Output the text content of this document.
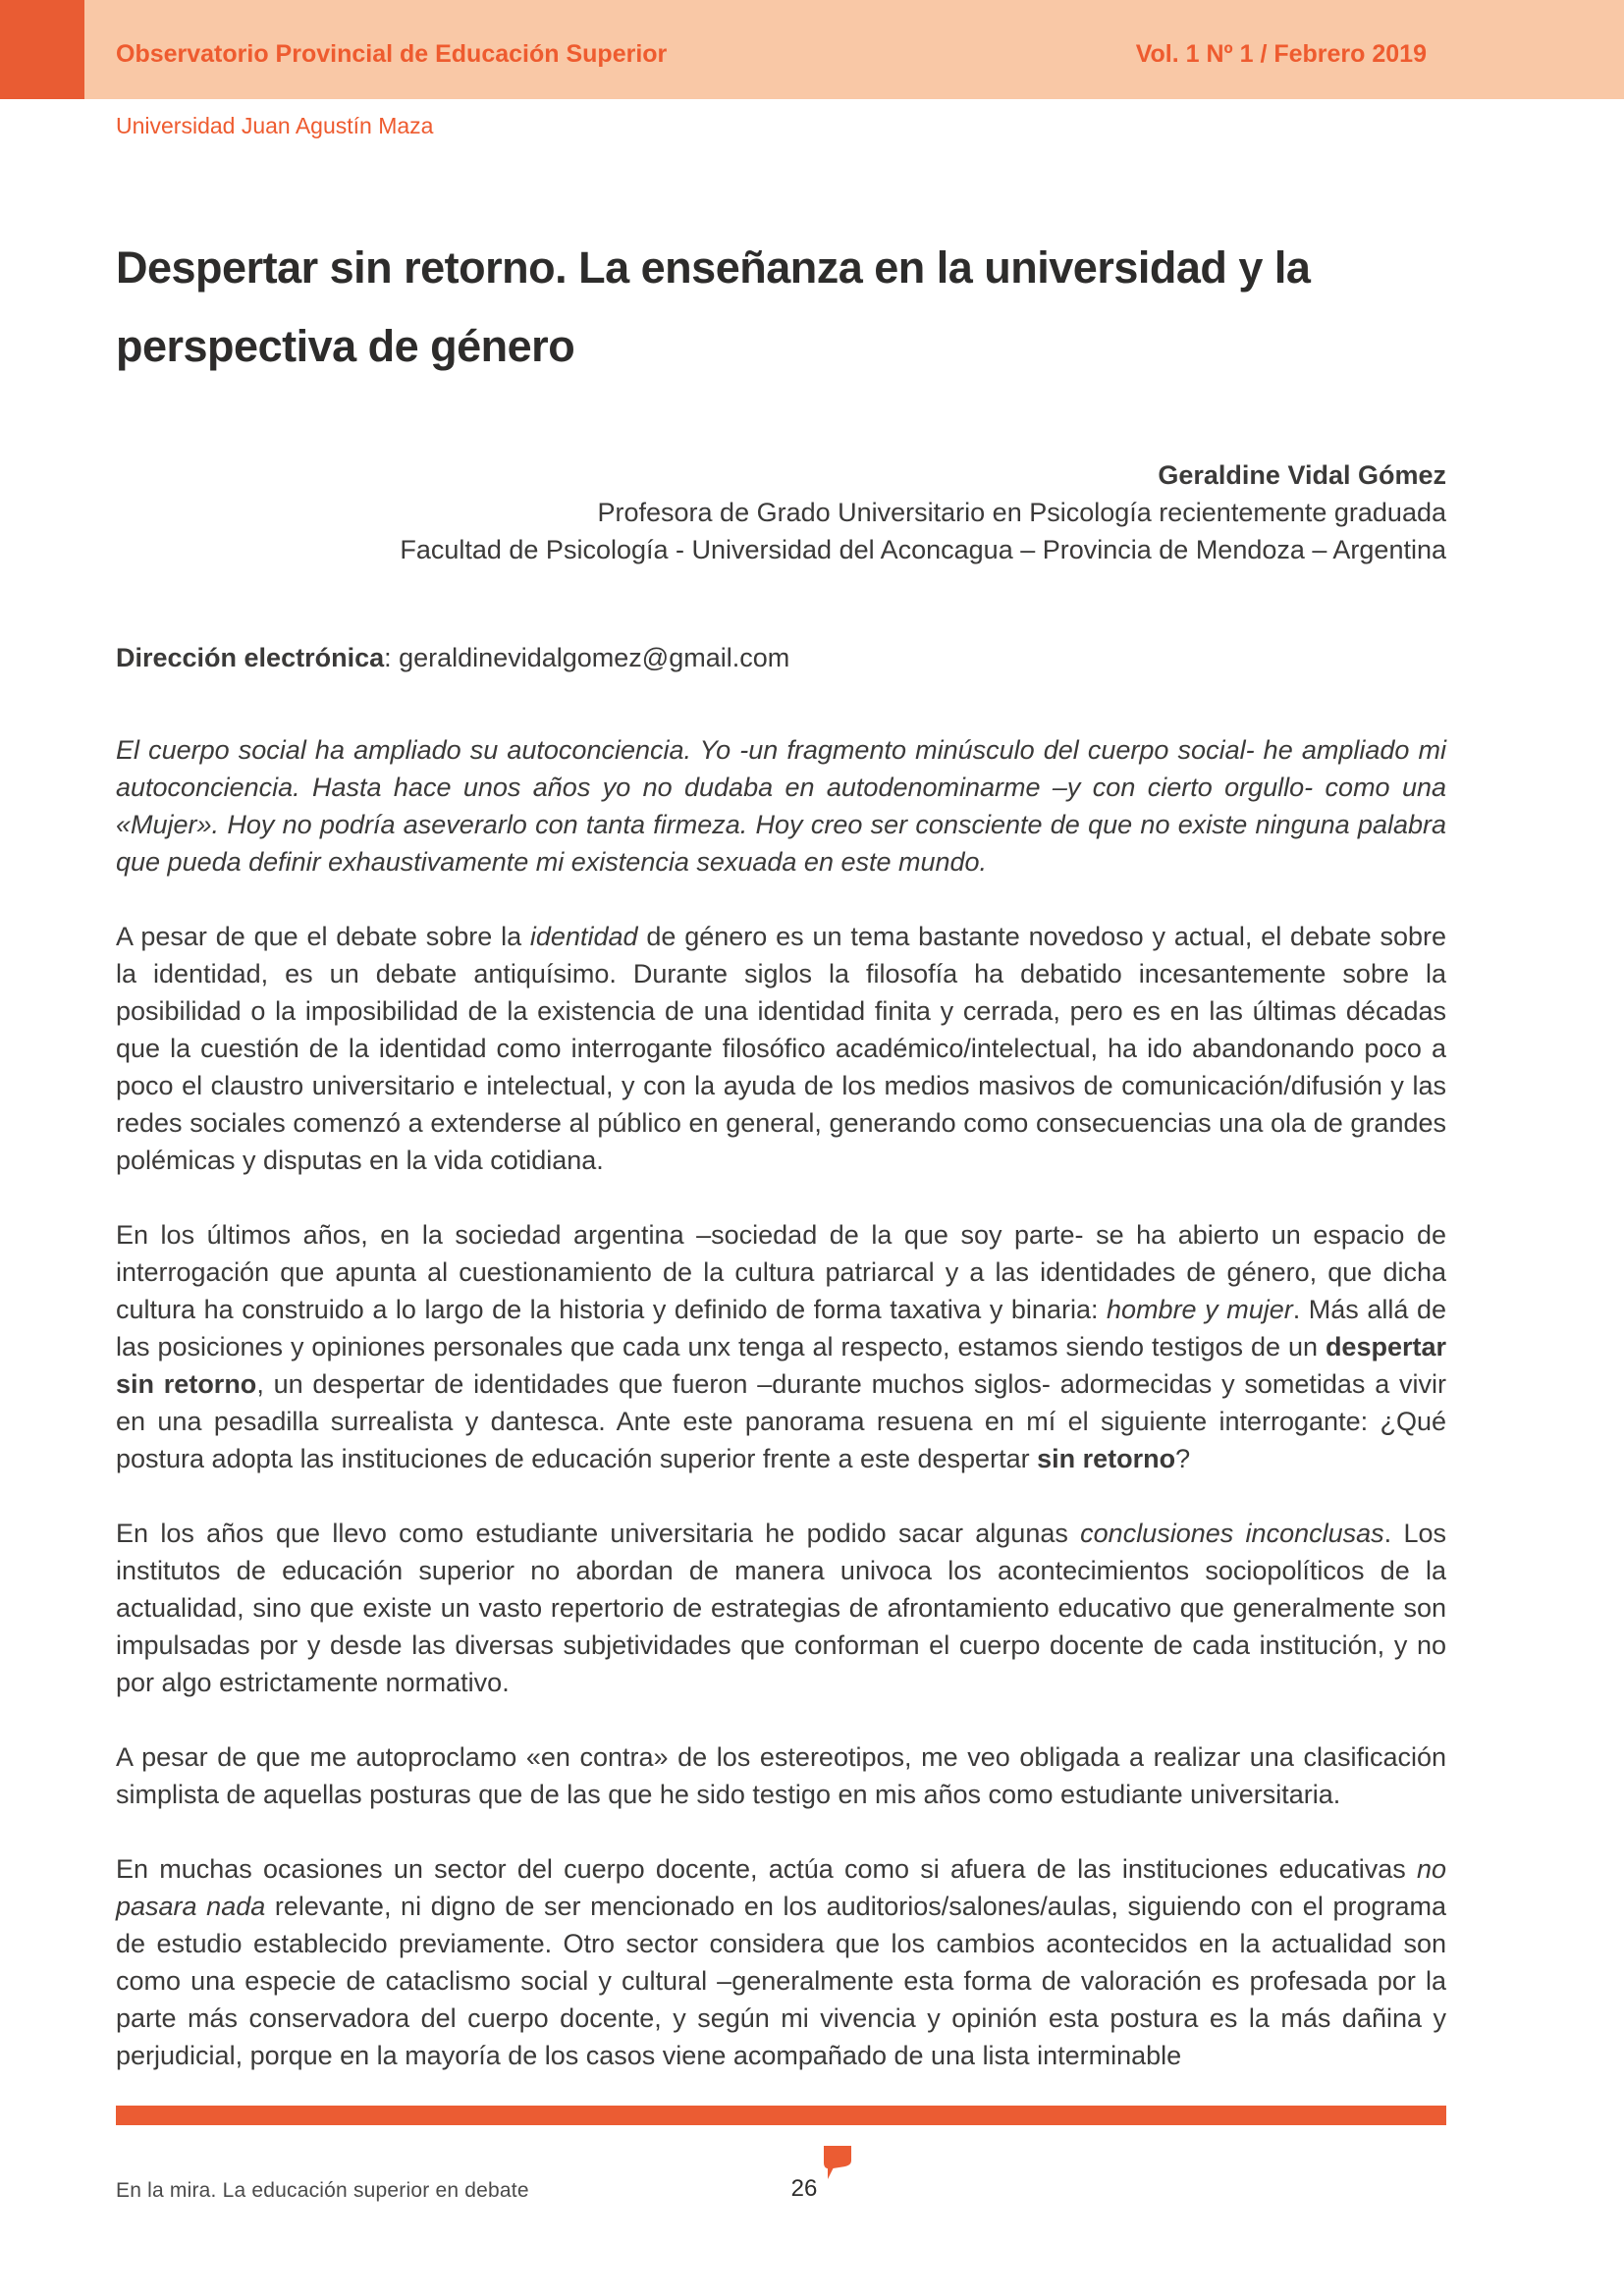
Observatorio Provincial de Educación Superior	Vol. 1 Nº 1 / Febrero 2019
Universidad Juan Agustín Maza
Despertar sin retorno. La enseñanza en la universidad y la perspectiva de género
Geraldine Vidal Gómez
Profesora de Grado Universitario en Psicología recientemente graduada
Facultad de Psicología - Universidad del Aconcagua – Provincia de Mendoza – Argentina

Dirección electrónica: geraldinevidalgomez@gmail.com

El cuerpo social ha ampliado su autoconciencia. Yo -un fragmento minúsculo del cuerpo social- he ampliado mi autoconciencia. Hasta hace unos años yo no dudaba en autodenominarme –y con cierto orgullo- como una «Mujer». Hoy no podría aseverarlo con tanta firmeza. Hoy creo ser consciente de que no existe ninguna palabra que pueda definir exhaustivamente mi existencia sexuada en este mundo.

A pesar de que el debate sobre la identidad de género es un tema bastante novedoso y actual, el debate sobre la identidad, es un debate antiquísimo. Durante siglos la filosofía ha debatido incesantemente sobre la posibilidad o la imposibilidad de la existencia de una identidad finita y cerrada, pero es en las últimas décadas que la cuestión de la identidad como interrogante filosófico académico/intelectual, ha ido abandonando poco a poco el claustro universitario e intelectual, y con la ayuda de los medios masivos de comunicación/difusión y las redes sociales comenzó a extenderse al público en general, generando como consecuencias una ola de grandes polémicas y disputas en la vida cotidiana.

En los últimos años, en la sociedad argentina –sociedad de la que soy parte- se ha abierto un espacio de interrogación que apunta al cuestionamiento de la cultura patriarcal y a las identidades de género, que dicha cultura ha construido a lo largo de la historia y definido de forma taxativa y binaria: hombre y mujer. Más allá de las posiciones y opiniones personales que cada unx tenga al respecto, estamos siendo testigos de un despertar sin retorno, un despertar de identidades que fueron –durante muchos siglos- adormecidas y sometidas a vivir en una pesadilla surrealista y dantesca. Ante este panorama resuena en mí el siguiente interrogante: ¿Qué postura adopta las instituciones de educación superior frente a este despertar sin retorno?

En los años que llevo como estudiante universitaria he podido sacar algunas conclusiones inconclusas. Los institutos de educación superior no abordan de manera univoca los acontecimientos sociopolíticos de la actualidad, sino que existe un vasto repertorio de estrategias de afrontamiento educativo que generalmente son impulsadas por y desde las diversas subjetividades que conforman el cuerpo docente de cada institución, y no por algo estrictamente normativo.

A pesar de que me autoproclamo «en contra» de los estereotipos, me veo obligada a realizar una clasificación simplista de aquellas posturas que de las que he sido testigo en mis años como estudiante universitaria.

En muchas ocasiones un sector del cuerpo docente, actúa como si afuera de las instituciones educativas no pasara nada relevante, ni digno de ser mencionado en los auditorios/salones/aulas, siguiendo con el programa de estudio establecido previamente. Otro sector considera que los cambios acontecidos en la actualidad son como una especie de cataclismo social y cultural –generalmente esta forma de valoración es profesada por la parte más conservadora del cuerpo docente, y según mi vivencia y opinión esta postura es la más dañina y perjudicial, porque en la mayoría de los casos viene acompañado de una lista interminable

En la mira. La educación superior en debate	26
